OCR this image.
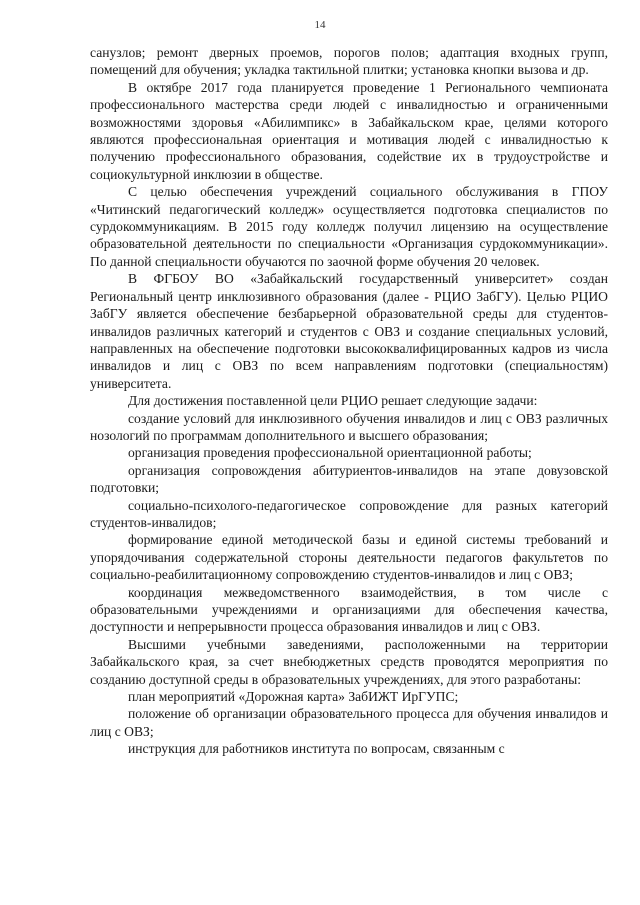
14

санузлов; ремонт дверных проемов, порогов полов; адаптация входных групп, помещений для обучения; укладка тактильной плитки; установка кнопки вызова и др.

В октябре 2017 года планируется проведение 1 Регионального чемпионата профессионального мастерства среди людей с инвалидностью и ограниченными возможностями здоровья «Абилимпикс» в Забайкальском крае, целями которого являются профессиональная ориентация и мотивация людей с инвалидностью к получению профессионального образования, содействие их в трудоустройстве и социокультурной инклюзии в обществе.

С целью обеспечения учреждений социального обслуживания в ГПОУ «Читинский педагогический колледж» осуществляется подготовка специалистов по сурдокоммуникациям. В 2015 году колледж получил лицензию на осуществление образовательной деятельности по специальности «Организация сурдокоммуникации». По данной специальности обучаются по заочной форме обучения 20 человек.

В ФГБОУ ВО «Забайкальский государственный университет» создан Региональный центр инклюзивного образования (далее - РЦИО ЗабГУ). Целью РЦИО ЗабГУ является обеспечение безбарьерной образовательной среды для студентов-инвалидов различных категорий и студентов с ОВЗ и создание специальных условий, направленных на обеспечение подготовки высококвалифицированных кадров из числа инвалидов и лиц с ОВЗ по всем направлениям подготовки (специальностям) университета.

Для достижения поставленной цели РЦИО решает следующие задачи:

создание условий для инклюзивного обучения инвалидов и лиц с ОВЗ различных нозологий по программам дополнительного и высшего образования;

организация проведения профессиональной ориентационной работы;

организация сопровождения абитуриентов-инвалидов на этапе довузовской подготовки;

социально-психолого-педагогическое сопровождение для разных категорий студентов-инвалидов;

формирование единой методической базы и единой системы требований и упорядочивания содержательной стороны деятельности педагогов факультетов по социально-реабилитационному сопровождению студентов-инвалидов и лиц с ОВЗ;

координация межведомственного взаимодействия, в том числе с образовательными учреждениями и организациями для обеспечения качества, доступности и непрерывности процесса образования инвалидов и лиц с ОВЗ.

Высшими учебными заведениями, расположенными на территории Забайкальского края, за счет внебюджетных средств проводятся мероприятия по созданию доступной среды в образовательных учреждениях, для этого разработаны:

план мероприятий «Дорожная карта» ЗабИЖТ ИрГУПС;

положение об организации образовательного процесса для обучения инвалидов и лиц с ОВЗ;

инструкция для работников института по вопросам, связанным с
